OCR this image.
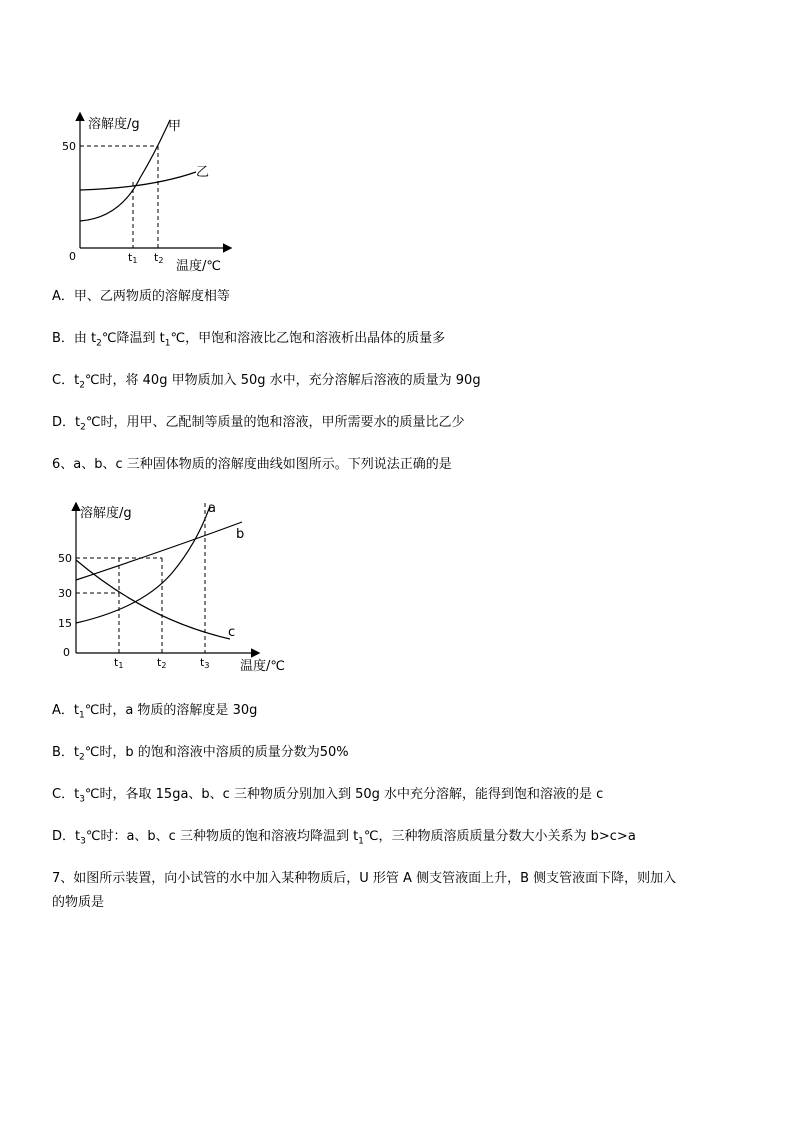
溶解度/g
温度/℃
0
50
t1 t2
甲
乙
A．甲、乙两物质的溶解度相等
B．由 $t_2℃$降温到 $t_1℃$，甲饱和溶液比乙饱和溶液析出晶体的质量多
C．$t_2℃$时，将 40g 甲物质加入 50g 水中，充分溶解后溶液的质量为 90g
D．$t_2℃$时，用甲、乙配制等质量的饱和溶液，甲所需要水的质量比乙少
6、a、b、c 三种固体物质的溶解度曲线如图所示。下列说法正确的是
溶解度/g
温度/℃
50
30
15
0
t1	t2	t3
a
b
c
A．$t_1℃$时，a 物质的溶解度是 30g
B．$t_2℃$时，b 的饱和溶液中溶质的质量分数为50%
C．$t_3℃$时，各取 15ga、b、c 三种物质分别加入到 50g 水中充分溶解，能得到饱和溶液的是 c
D．$t_3℃$时：a、b、c 三种物质的饱和溶液均降温到 $t_1℃$，三种物质溶质质量分数大小关系为 b>c>a
7、如图所示装置，向小试管的水中加入某种物质后，U 形管 A 侧支管液面上升，B 侧支管液面下降，则加入
的物质是
